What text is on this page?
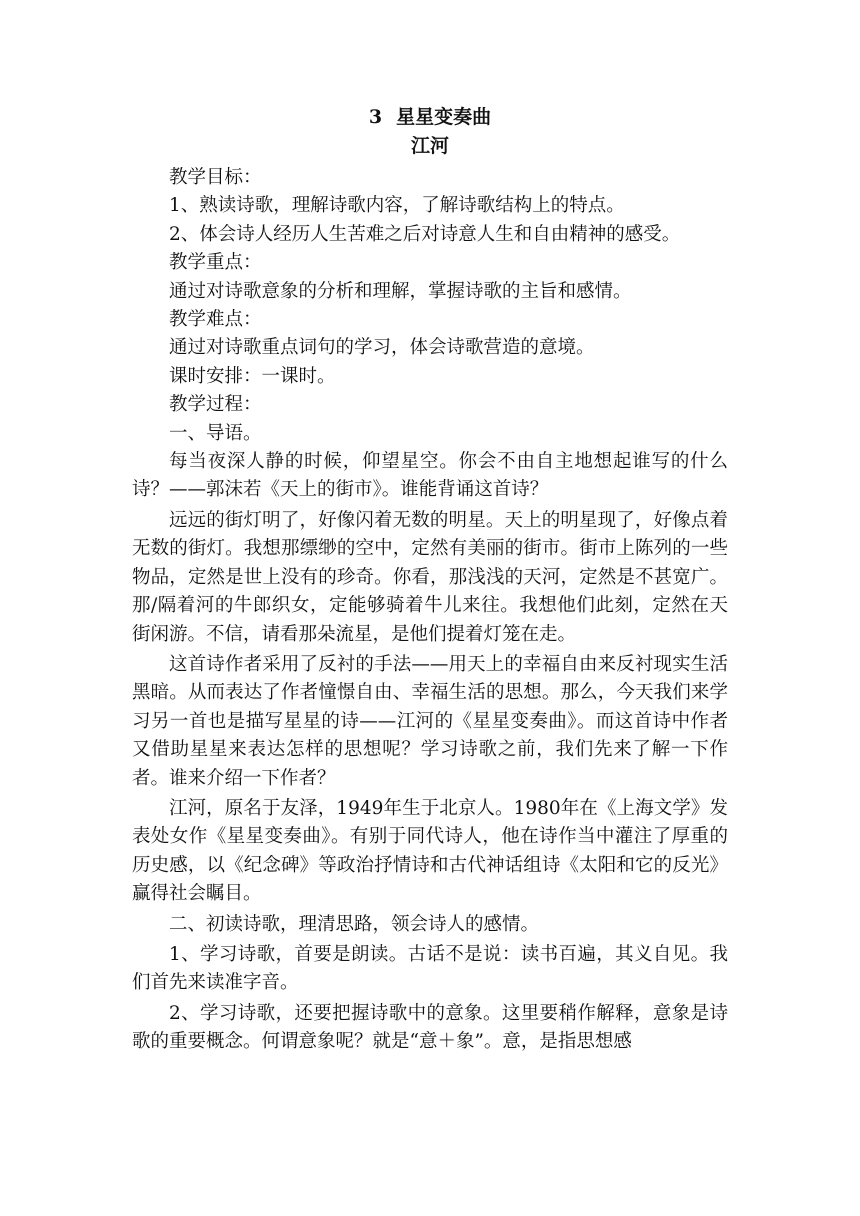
3 星星变奏曲
江河

教学目标：

1、熟读诗歌，理解诗歌内容，了解诗歌结构上的特点。

2、体会诗人经历人生苦难之后对诗意人生和自由精神的感受。

教学重点：

通过对诗歌意象的分析和理解，掌握诗歌的主旨和感情。

教学难点：

通过对诗歌重点词句的学习，体会诗歌营造的意境。

课时安排：一课时。

教学过程：

一、导语。

每当夜深人静的时候，仰望星空。你会不由自主地想起谁写的什么诗？——郭沫若《天上的街市》。谁能背诵这首诗？

远远的街灯明了，好像闪着无数的明星。天上的明星现了，好像点着无数的街灯。我想那缥缈的空中，定然有美丽的街市。街市上陈列的一些物品，定然是世上没有的珍奇。你看，那浅浅的天河，定然是不甚宽广。那/隔着河的牛郎织女，定能够骑着牛儿来往。我想他们此刻，定然在天街闲游。不信，请看那朵流星，是他们提着灯笼在走。

这首诗作者采用了反衬的手法——用天上的幸福自由来反衬现实生活黑暗。从而表达了作者憧憬自由、幸福生活的思想。那么，今天我们来学习另一首也是描写星星的诗——江河的《星星变奏曲》。而这首诗中作者又借助星星来表达怎样的思想呢？学习诗歌之前，我们先来了解一下作者。谁来介绍一下作者？

江河，原名于友泽，1949年生于北京人。1980年在《上海文学》发表处女作《星星变奏曲》。有别于同代诗人，他在诗作当中灌注了厚重的历史感，以《纪念碑》等政治抒情诗和古代神话组诗《太阳和它的反光》赢得社会瞩目。

二、初读诗歌，理清思路，领会诗人的感情。

1、学习诗歌，首要是朗读。古话不是说：读书百遍，其义自见。我们首先来读准字音。

2、学习诗歌，还要把握诗歌中的意象。这里要稍作解释，意象是诗歌的重要概念。何谓意象呢？就是“意＋象”。意，是指思想感
